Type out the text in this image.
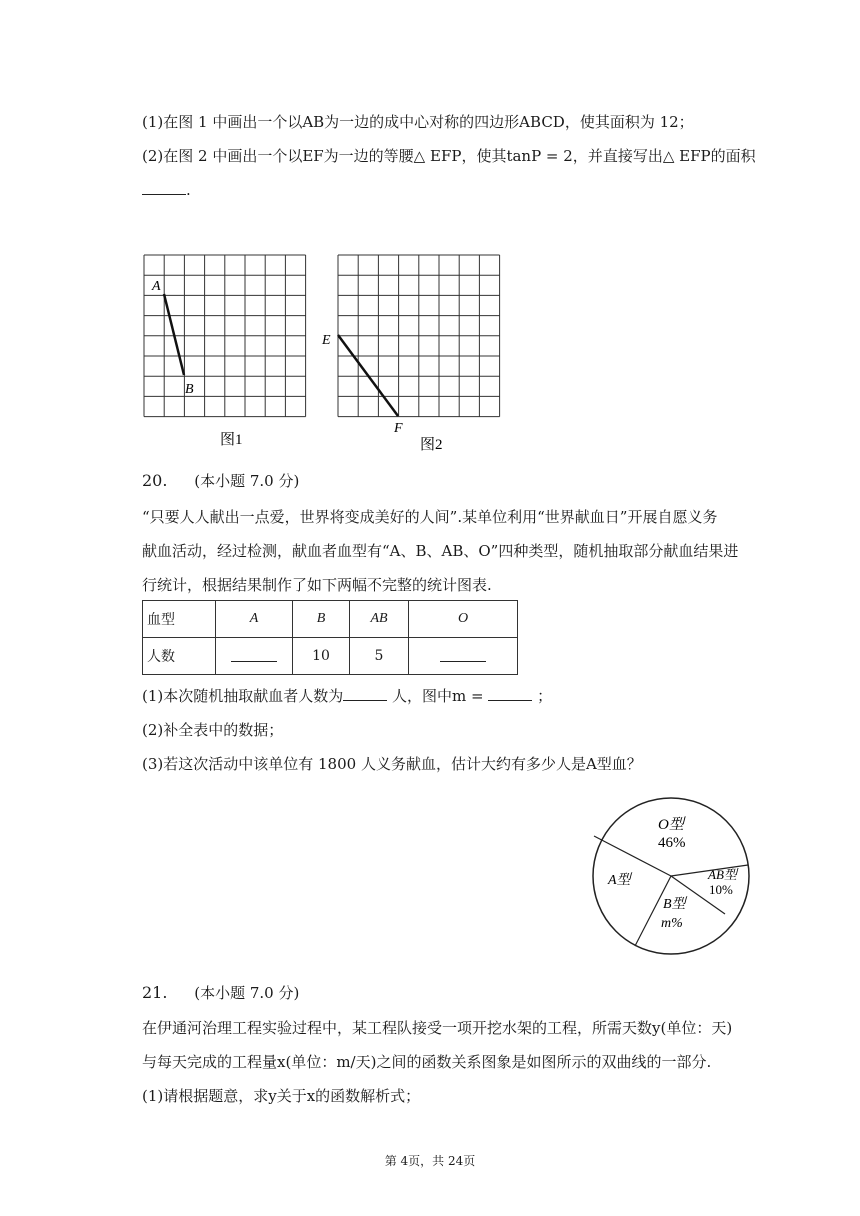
(1)在图 1 中画出一个以AB为一边的成中心对称的四边形ABCD，使其面积为 12；
(2)在图 2 中画出一个以EF为一边的等腰△ EFP，使其tanP = 2，并直接写出△ EFP的面积
.
A
B
E
F
图1	图2
20. (本小题 7.0 分)
“只要人人献出一点爱，世界将变成美好的人间”.某单位利用“世界献血日”开展自愿义务
献血活动，经过检测，献血者血型有“A、B、AB、O”四种类型，随机抽取部分献血结果进
行统计，根据结果制作了如下两幅不完整的统计图表.
血型	A	B	AB	O
人数		10	5	
(1)本次随机抽取献血者人数为	人，图中m =	；
(2)补全表中的数据；
(3)若这次活动中该单位有 1800 人义务献血，估计大约有多少人是A型血？
O型
46%
AB型
10%
B型
m%
A型
21. (本小题 7.0 分)
在伊通河治理工程实验过程中，某工程队接受一项开挖水架的工程，所需天数y(单位：天)
与每天完成的工程量x(单位：m/天)之间的函数关系图象是如图所示的双曲线的一部分.
(1)请根据题意，求y关于x的函数解析式；
第 4页，共 24页
